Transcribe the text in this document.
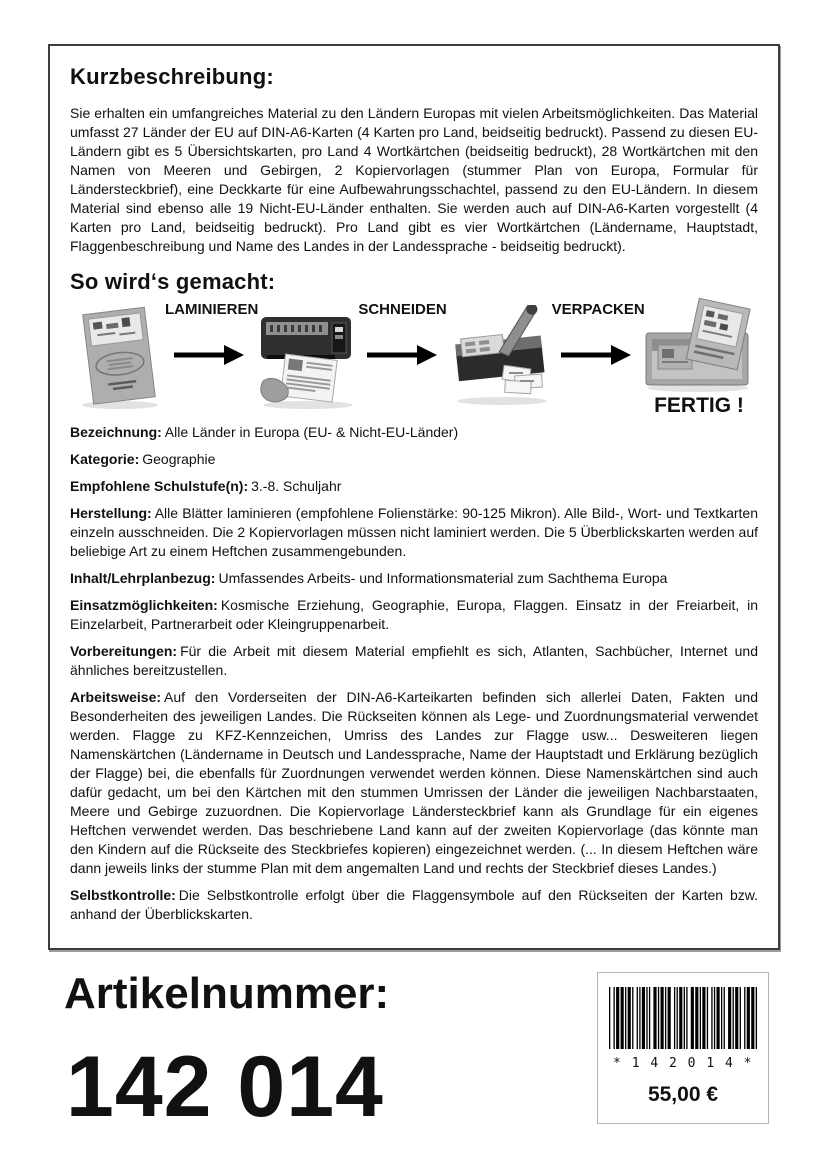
Kurzbeschreibung:

Sie erhalten ein umfangreiches Material zu den Ländern Europas mit vielen Arbeitsmöglichkeiten. Das Material umfasst 27 Länder der EU auf DIN-A6-Karten (4 Karten pro Land, beidseitig bedruckt). Passend zu diesen EU-Ländern gibt es 5 Übersichtskarten, pro Land 4 Wortkärtchen (beidseitig bedruckt), 28 Wortkärtchen mit den Namen von Meeren und Gebirgen, 2 Kopiervorlagen (stummer Plan von Europa, Formular für Ländersteckbrief), eine Deckkarte für eine Aufbewahrungsschachtel, passend zu den EU-Ländern. In diesem Material sind ebenso alle 19 Nicht-EU-Länder enthalten. Sie werden auch auf DIN-A6-Karten vorgestellt (4 Karten pro Land, beidseitig bedruckt). Pro Land gibt es vier Wortkärtchen (Ländername, Hauptstadt, Flaggenbeschreibung und Name des Landes in der Landessprache - beidseitig bedruckt).

So wird‘s gemacht:
LAMINIEREN	SCHNEIDEN	VERPACKEN
FERTIG !

Bezeichnung: Alle Länder in Europa (EU- & Nicht-EU-Länder)

Kategorie: Geographie

Empfohlene Schulstufe(n): 3.-8. Schuljahr

Herstellung: Alle Blätter laminieren (empfohlene Folienstärke: 90-125 Mikron). Alle Bild-, Wort- und Textkarten einzeln ausschneiden. Die 2 Kopiervorlagen müssen nicht laminiert werden. Die 5 Überblickskarten werden auf beliebige Art zu einem Heftchen zusammengebunden.

Inhalt/Lehrplanbezug: Umfassendes Arbeits- und Informationsmaterial zum Sachthema Europa

Einsatzmöglichkeiten: Kosmische Erziehung, Geographie, Europa, Flaggen. Einsatz in der Freiarbeit, in Einzelarbeit, Partnerarbeit oder Kleingruppenarbeit.

Vorbereitungen: Für die Arbeit mit diesem Material empfiehlt es sich, Atlanten, Sachbücher, Internet und ähnliches bereitzustellen.

Arbeitsweise: Auf den Vorderseiten der DIN-A6-Karteikarten befinden sich allerlei Daten, Fakten und Besonderheiten des jeweiligen Landes. Die Rückseiten können als Lege- und Zuordnungsmaterial verwendet werden. Flagge zu KFZ-Kennzeichen, Umriss des Landes zur Flagge usw... Desweiteren liegen Namenskärtchen (Ländername in Deutsch und Landessprache, Name der Hauptstadt und Erklärung bezüglich der Flagge) bei, die ebenfalls für Zuordnungen verwendet werden können. Diese Namenskärtchen sind auch dafür gedacht, um bei den Kärtchen mit den stummen Umrissen der Länder die jeweiligen Nachbarstaaten, Meere und Gebirge zuzuordnen. Die Kopiervorlage Ländersteckbrief kann als Grundlage für ein eigenes Heftchen verwendet werden. Das beschriebene Land kann auf der zweiten Kopiervorlage (das könnte man den Kindern auf die Rückseite des Steckbriefes kopieren) eingezeichnet werden. (... In diesem Heftchen wäre dann jeweils links der stumme Plan mit dem angemalten Land und rechts der Steckbrief dieses Landes.)

Selbstkontrolle: Die Selbstkontrolle erfolgt über die Flaggensymbole auf den Rückseiten der Karten bzw. anhand der Überblickskarten.

Artikelnummer:
142 014	* 1 4 2 0 1 4 *
55,00 €
